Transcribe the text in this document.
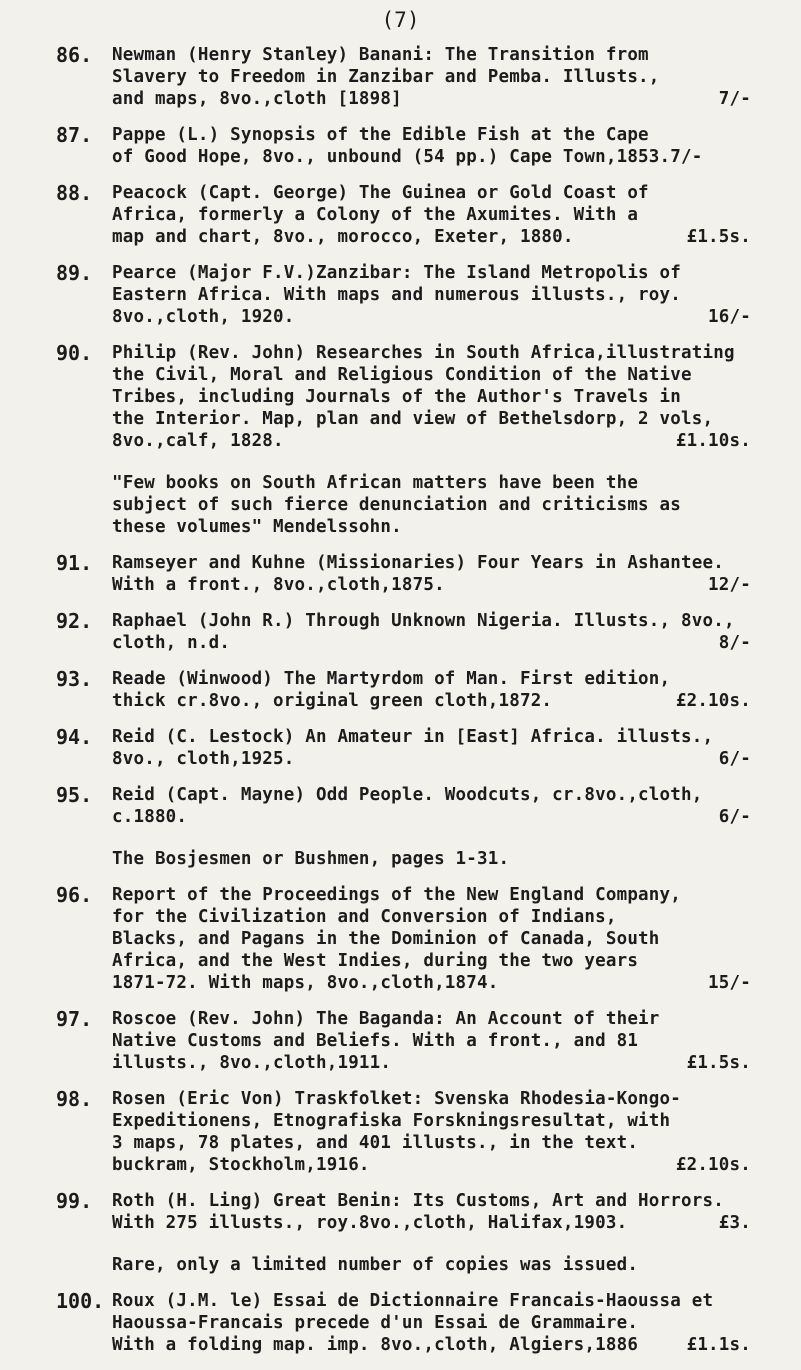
(7)
86.	Newman (Henry Stanley) Banani: The Transition from
Slavery to Freedom in Zanzibar and Pemba. Illusts.,
and maps, 8vo.,cloth [1898]	7/-
87.	Pappe (L.) Synopsis of the Edible Fish at the Cape
of Good Hope, 8vo., unbound (54 pp.) Cape Town,1853.7/-
88.	Peacock (Capt. George) The Guinea or Gold Coast of
Africa, formerly a Colony of the Axumites. With a
map and chart, 8vo., morocco, Exeter, 1880.	£1.5s.
89.	Pearce (Major F.V.)Zanzibar: The Island Metropolis of
Eastern Africa. With maps and numerous illusts., roy.
8vo.,cloth, 1920.	16/-
90.	Philip (Rev. John) Researches in South Africa,illustrating
the Civil, Moral and Religious Condition of the Native
Tribes, including Journals of the Author's Travels in
the Interior. Map, plan and view of Bethelsdorp, 2 vols,
8vo.,calf, 1828.	£1.10s.
"Few books on South African matters have been the
subject of such fierce denunciation and criticisms as
these volumes" Mendelssohn.
91.	Ramseyer and Kuhne (Missionaries) Four Years in Ashantee.
With a front., 8vo.,cloth,1875.	12/-
92.	Raphael (John R.) Through Unknown Nigeria. Illusts., 8vo.,
cloth, n.d.	8/-
93.	Reade (Winwood) The Martyrdom of Man. First edition,
thick cr.8vo., original green cloth,1872.	£2.10s.
94.	Reid (C. Lestock) An Amateur in [East] Africa. illusts.,
8vo., cloth,1925.	6/-
95.	Reid (Capt. Mayne) Odd People. Woodcuts, cr.8vo.,cloth,
c.1880.	6/-
The Bosjesmen or Bushmen, pages 1-31.
96.	Report of the Proceedings of the New England Company,
for the Civilization and Conversion of Indians,
Blacks, and Pagans in the Dominion of Canada, South
Africa, and the West Indies, during the two years
1871-72. With maps, 8vo.,cloth,1874.	15/-
97.	Roscoe (Rev. John) The Baganda: An Account of their
Native Customs and Beliefs. With a front., and 81
illusts., 8vo.,cloth,1911.	£1.5s.
98.	Rosen (Eric Von) Traskfolket: Svenska Rhodesia-Kongo-
Expeditionens, Etnografiska Forskningsresultat, with
3 maps, 78 plates, and 401 illusts., in the text.
buckram, Stockholm,1916.	£2.10s.
99.	Roth (H. Ling) Great Benin: Its Customs, Art and Horrors.
With 275 illusts., roy.8vo.,cloth, Halifax,1903.	£3.
Rare, only a limited number of copies was issued.
100. Roux (J.M. le) Essai de Dictionnaire Francais-Haoussa et
Haoussa-Francais precede d'un Essai de Grammaire.
With a folding map. imp. 8vo.,cloth, Algiers,1886	£1.1s.
